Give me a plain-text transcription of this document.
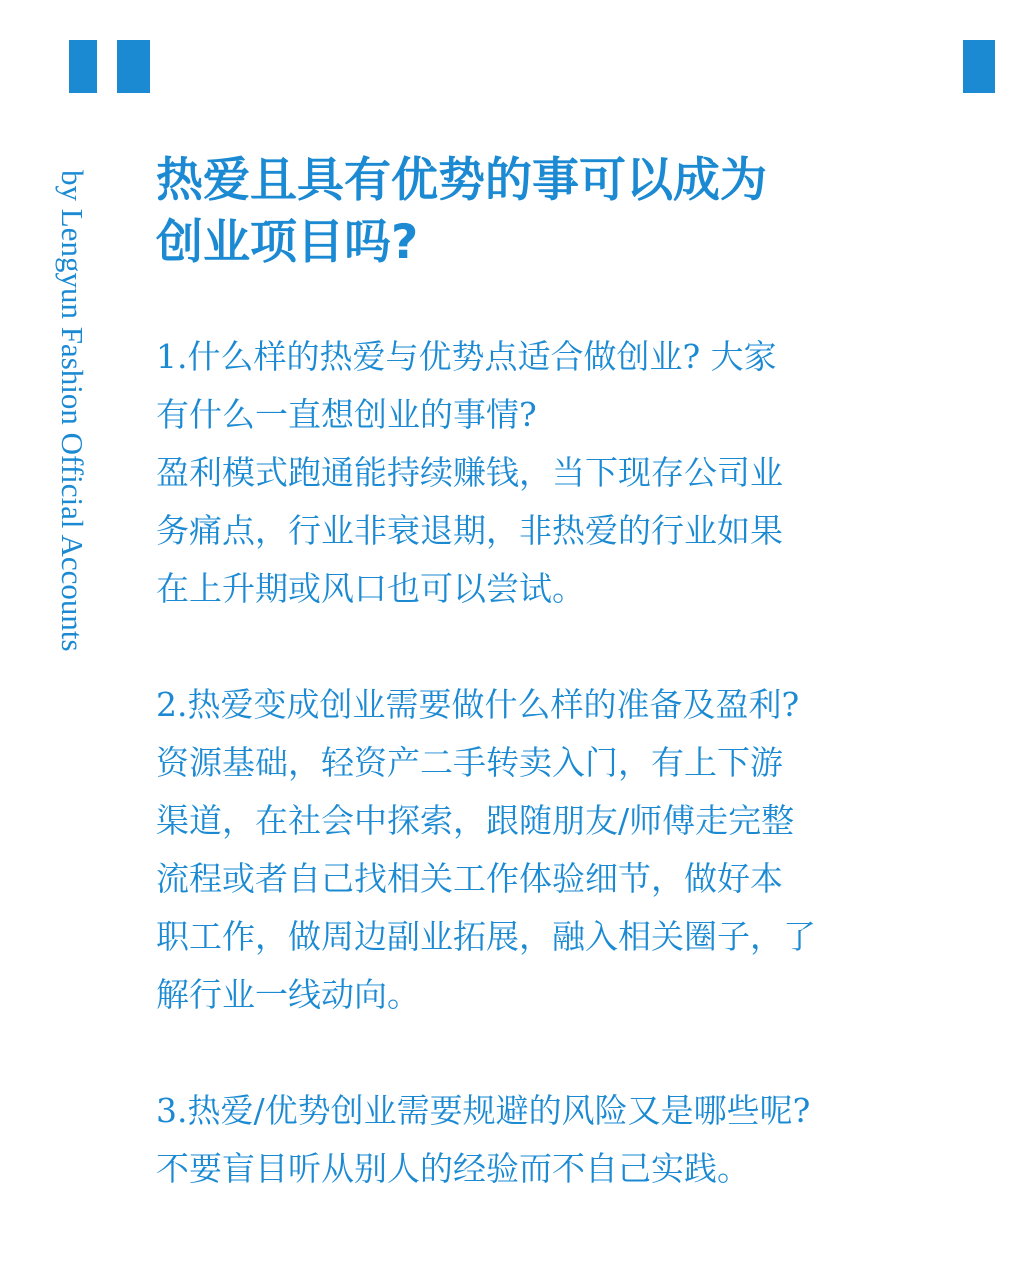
by Lengyun Fashion Official Accounts 热爱且具有优势的事可以成为
创业项目吗?
1.什么样的热爱与优势点适合做创业? 大家
有什么一直想创业的事情?
盈利模式跑通能持续赚钱，当下现存公司业
务痛点，行业非衰退期，非热爱的行业如果
在上升期或风口也可以尝试。
2.热爱变成创业需要做什么样的准备及盈利?
资源基础，轻资产二手转卖入门，有上下游
渠道，在社会中探索，跟随朋友/师傅走完整
流程或者自己找相关工作体验细节，做好本
职工作，做周边副业拓展，融入相关圈子，了
解行业一线动向。
3.热爱/优势创业需要规避的风险又是哪些呢?
不要盲目听从别人的经验而不自己实践。
